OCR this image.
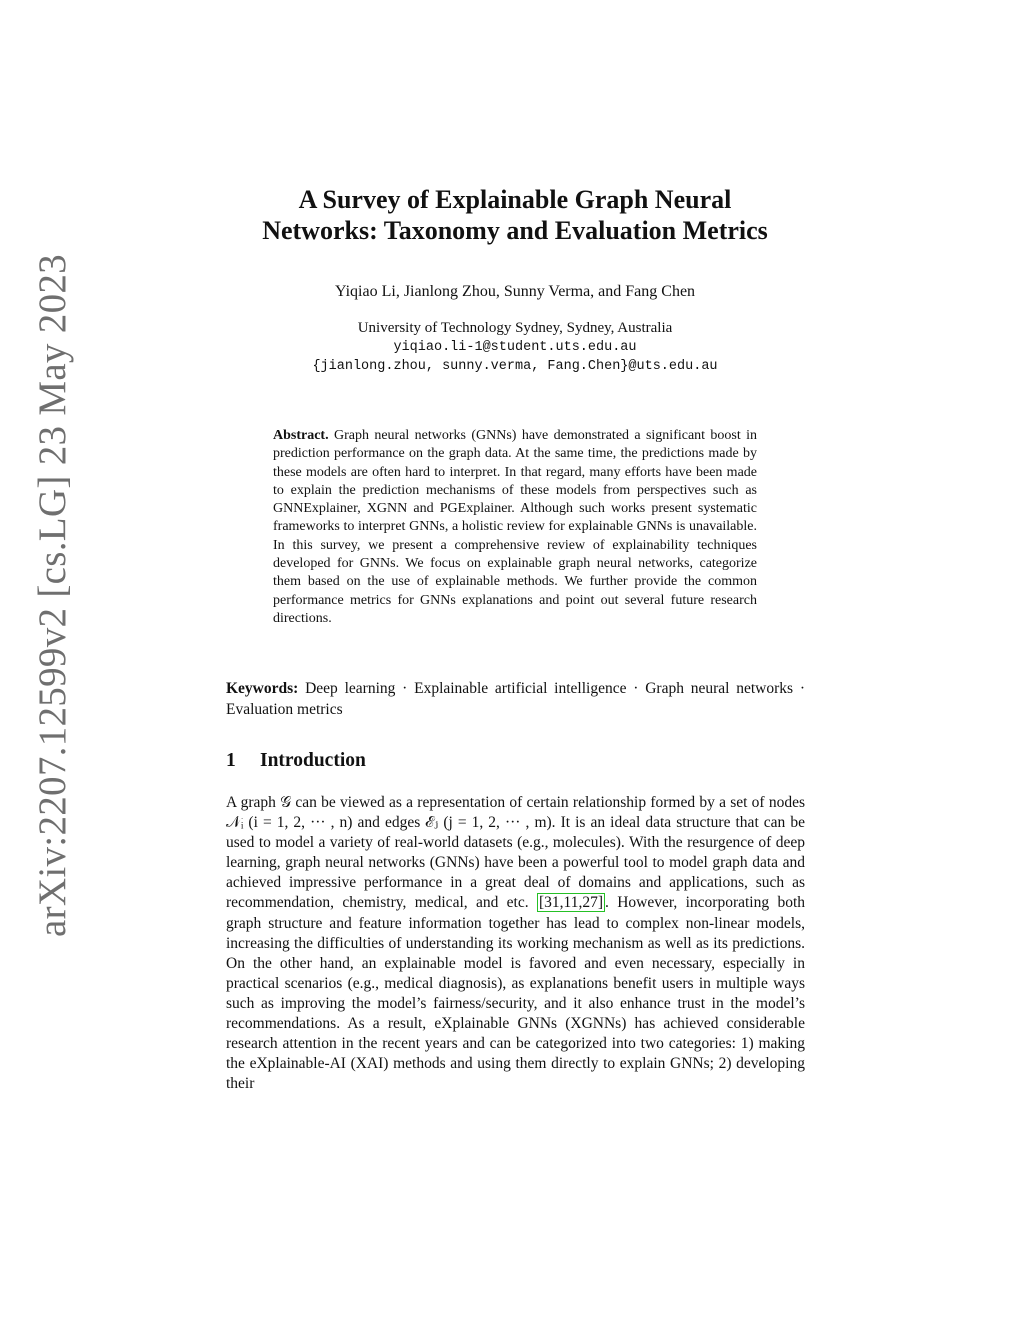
arXiv:2207.12599v2 [cs.LG] 23 May 2023
A Survey of Explainable Graph Neural
Networks: Taxonomy and Evaluation Metrics
Yiqiao Li, Jianlong Zhou, Sunny Verma, and Fang Chen
University of Technology Sydney, Sydney, Australia
yiqiao.li-1@student.uts.edu.au
{jianlong.zhou, sunny.verma, Fang.Chen}@uts.edu.au
Abstract. Graph neural networks (GNNs) have demonstrated a significant boost in prediction performance on the graph data. At the same time, the predictions made by these models are often hard to interpret. In that regard, many efforts have been made to explain the prediction mechanisms of these models from perspectives such as GNNExplainer, XGNN and PGExplainer. Although such works present systematic frameworks to interpret GNNs, a holistic review for explainable GNNs is unavailable. In this survey, we present a comprehensive review of explainability techniques developed for GNNs. We focus on explainable graph neural networks, categorize them based on the use of explainable methods. We further provide the common performance metrics for GNNs explanations and point out several future research directions.
Keywords: Deep learning · Explainable artificial intelligence · Graph neural networks · Evaluation metrics
1 Introduction
A graph 𝒢 can be viewed as a representation of certain relationship formed by a set of nodes 𝒩ᵢ (i = 1, 2, ··· , n) and edges ℰⱼ (j = 1, 2, ··· , m). It is an ideal data structure that can be used to model a variety of real-world datasets (e.g., molecules). With the resurgence of deep learning, graph neural networks (GNNs) have been a powerful tool to model graph data and achieved impressive performance in a great deal of domains and applications, such as recommendation, chemistry, medical, and etc. [31,11,27] . However, incorporating both graph structure and feature information together has lead to complex non-linear models, increasing the difficulties of understanding its working mechanism as well as its predictions. On the other hand, an explainable model is favored and even necessary, especially in practical scenarios (e.g., medical diagnosis), as explanations benefit users in multiple ways such as improving the model’s fairness/security, and it also enhance trust in the model’s recommendations. As a result, eXplainable GNNs (XGNNs) has achieved considerable research attention in the recent years and can be categorized into two categories: 1) making the eXplainable-AI (XAI) methods and using them directly to explain GNNs; 2) developing their
